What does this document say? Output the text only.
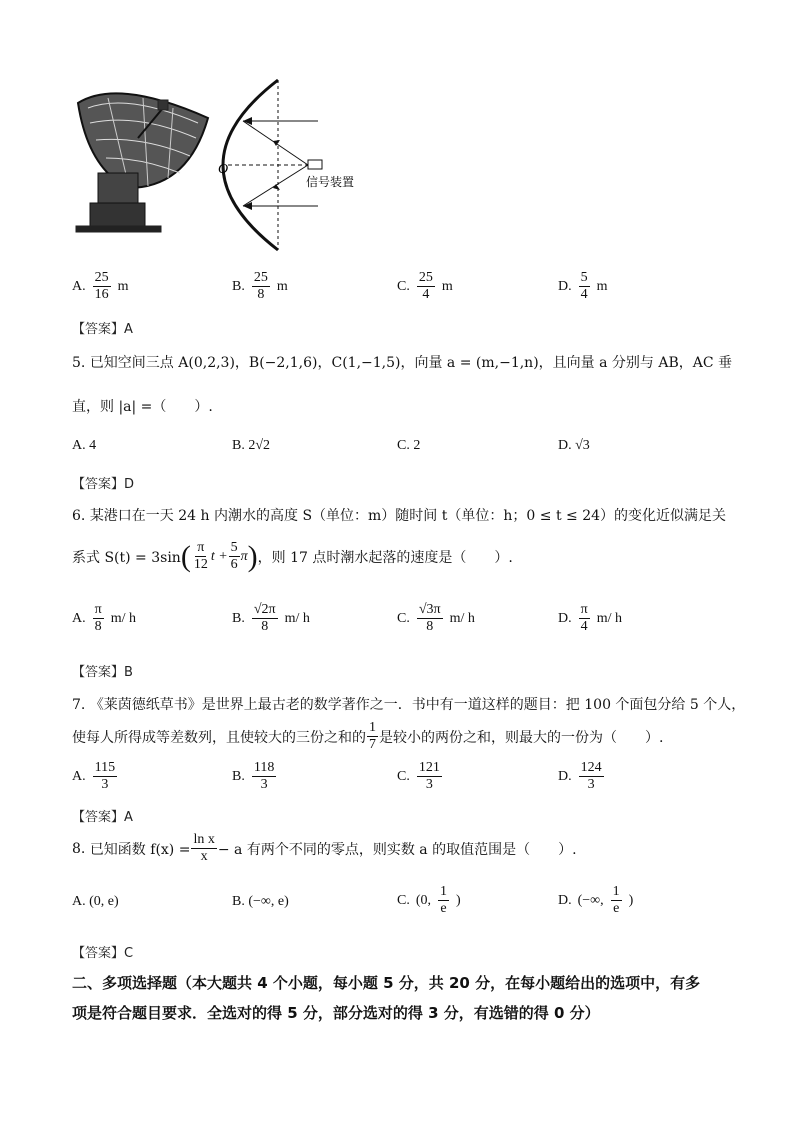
O
信号装置
A. $\frac{25}{16}$ m	B. $\frac{25}{8}$ m	C. $\frac{25}{4}$ m	D. $\frac{5}{4}$ m
【答案】A
5. 已知空间三点 A(0,2,3)，B(−2,1,6)，C(1,−1,5)，向量 a = (m,−1,n)，且向量 a 分别与 AB，AC 垂
直，则 |a| =（　　）.
A. 4	B. 2√2	C. 2	D. √3
【答案】D
6. 某港口在一天 24 h 内潮水的高度 S（单位：m）随时间 t（单位：h；0 ≤ t ≤ 24）的变化近似满足关
系式 S(t) = 3sin ( $\frac{\pi}{12}$ $t + \frac{5}{6}$ π ) ，则 17 点时潮水起落的速度是（　　）.
A. $\frac{\pi}{8} m/$ h	B. $\frac{√2\pi}{8} m/$ h	C. $\frac{√3\pi}{8} m/$ h	D. $\frac{\pi}{4} m/$ h
【答案】B
7. 《莱茵德纸草书》是世界上最古老的数学著作之一．书中有一道这样的题目：把 100 个面包分给 5 个人，
使每人所得成等差数列，且使较大的三份之和的 $\frac{1}{7}$ 是较小的两份之和，则最大的一份为（　　）.
A. $\frac{115}{3}$	B. $\frac{118}{3}$	C. $\frac{121}{3}$	D. $\frac{124}{3}$
【答案】A
8.
已知函数 $f(x) = \frac{\text{ln x}}{x} - a$ 有两个不同的零点，则实数 a 的取值范围是（　　）.
A. (0, e)	B. (−∞, e)	C. (0, $\frac{1}{e}$ )	D. (−∞, $\frac{1}{e}$ )
【答案】C
二、多项选择题（本大题共 4 个小题，每小题 5 分，共 20 分，在每小题给出的选项中，有多
项是符合题目要求．全选对的得 5 分，部分选对的得 3 分，有选错的得 0 分）
